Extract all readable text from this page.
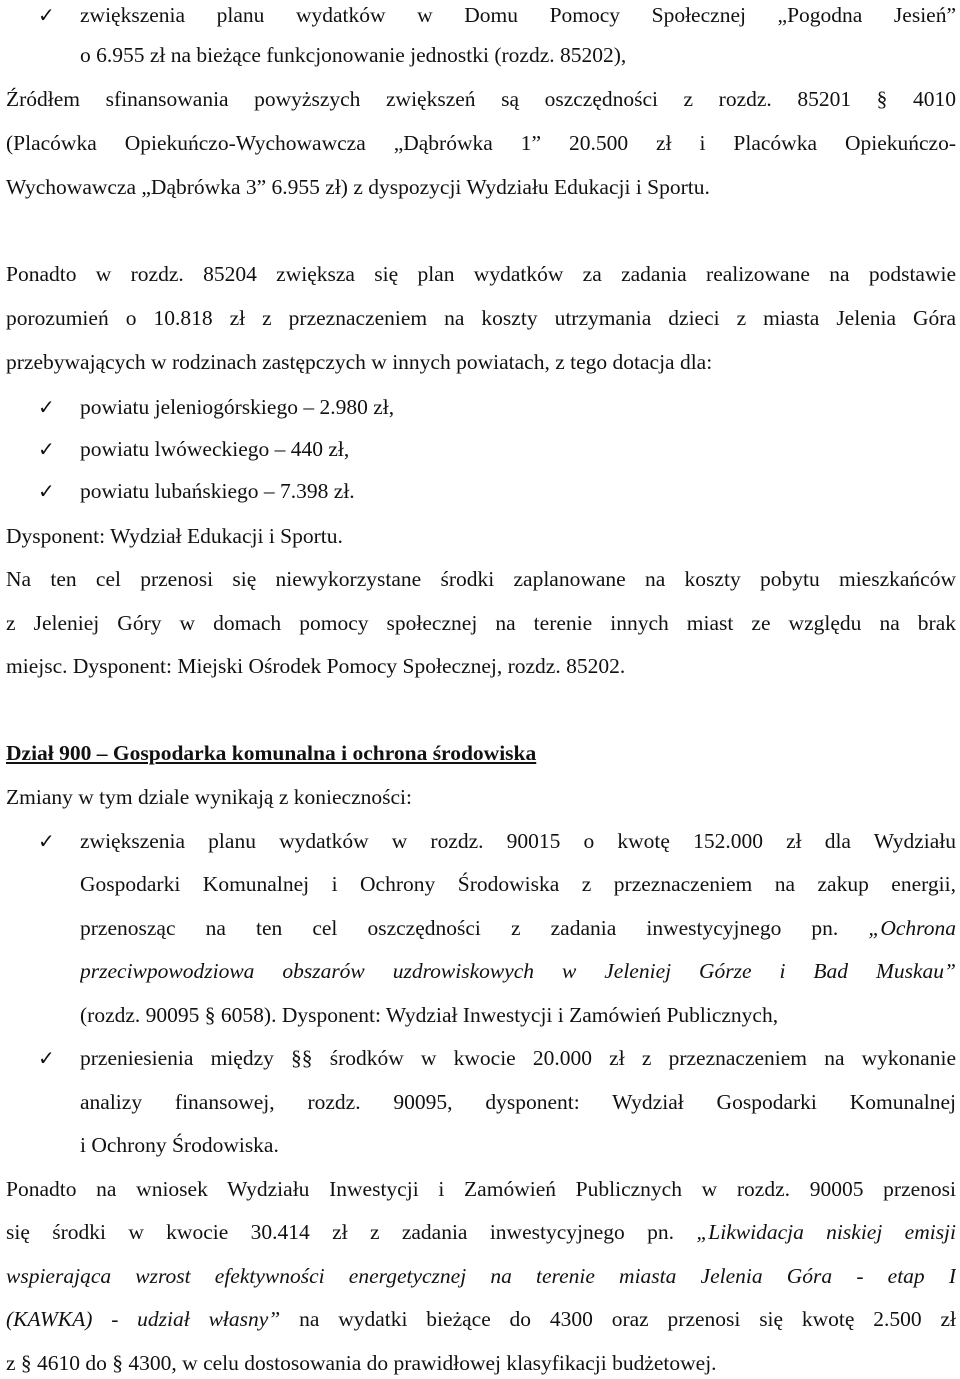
✓ zwiększenia planu wydatków w Domu Pomocy Społecznej „Pogodna Jesień”
o 6.955 zł na bieżące funkcjonowanie jednostki (rozdz. 85202),
Źródłem sfinansowania powyższych zwiększeń są oszczędności z rozdz. 85201 § 4010
(Placówka Opiekuńczo-Wychowawcza „Dąbrówka 1” 20.500 zł i Placówka Opiekuńczo-
Wychowawcza „Dąbrówka 3” 6.955 zł) z dyspozycji Wydziału Edukacji i Sportu.
Ponadto w rozdz. 85204 zwiększa się plan wydatków za zadania realizowane na podstawie
porozumień o 10.818 zł z przeznaczeniem na koszty utrzymania dzieci z miasta Jelenia Góra
przebywających w rodzinach zastępczych w innych powiatach, z tego dotacja dla:
✓ powiatu jeleniogórskiego – 2.980 zł,
✓ powiatu lwóweckiego – 440 zł,
✓ powiatu lubańskiego – 7.398 zł.
Dysponent: Wydział Edukacji i Sportu.
Na ten cel przenosi się niewykorzystane środki zaplanowane na koszty pobytu mieszkańców
z Jeleniej Góry w domach pomocy społecznej na terenie innych miast ze względu na brak
miejsc. Dysponent: Miejski Ośrodek Pomocy Społecznej, rozdz. 85202.
Dział 900 – Gospodarka komunalna i ochrona środowiska
Zmiany w tym dziale wynikają z konieczności:
✓ zwiększenia planu wydatków w rozdz. 90015 o kwotę 152.000 zł dla Wydziału
Gospodarki Komunalnej i Ochrony Środowiska z przeznaczeniem na zakup energii,
przenosząc na ten cel oszczędności z zadania inwestycyjnego pn. „Ochrona
przeciwpowodziowa obszarów uzdrowiskowych w Jeleniej Górze i Bad Muskau”
(rozdz. 90095 § 6058). Dysponent: Wydział Inwestycji i Zamówień Publicznych,
✓ przeniesienia między §§ środków w kwocie 20.000 zł z przeznaczeniem na wykonanie
analizy finansowej, rozdz. 90095, dysponent: Wydział Gospodarki Komunalnej
i Ochrony Środowiska.
Ponadto na wniosek Wydziału Inwestycji i Zamówień Publicznych w rozdz. 90005 przenosi
się środki w kwocie 30.414 zł z zadania inwestycyjnego pn. „Likwidacja niskiej emisji
wspierająca wzrost efektywności energetycznej na terenie miasta Jelenia Góra - etap I
(KAWKA) - udział własny” na wydatki bieżące do 4300 oraz przenosi się kwotę 2.500 zł
z § 4610 do § 4300, w celu dostosowania do prawidłowej klasyfikacji budżetowej.
